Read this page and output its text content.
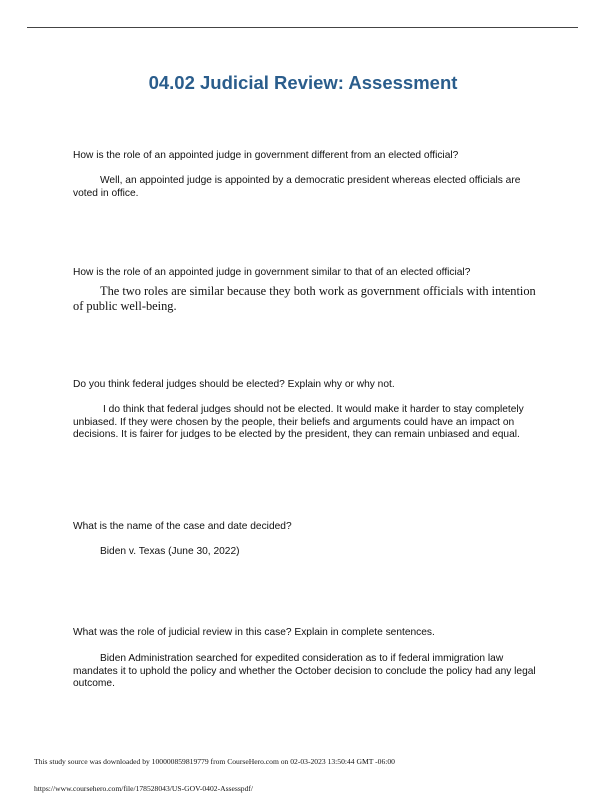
04.02 Judicial Review: Assessment
How is the role of an appointed judge in government different from an elected official?
Well, an appointed judge is appointed by a democratic president whereas elected officials are voted in office.
How is the role of an appointed judge in government similar to that of an elected official?
The two roles are similar because they both work as government officials with intention of public well-being.
Do you think federal judges should be elected? Explain why or why not.
I do think that federal judges should not be elected. It would make it harder to stay completely unbiased. If they were chosen by the people, their beliefs and arguments could have an impact on decisions. It is fairer for judges to be elected by the president, they can remain unbiased and equal.
What is the name of the case and date decided?
Biden v. Texas (June 30, 2022)
What was the role of judicial review in this case? Explain in complete sentences.
Biden Administration searched for expedited consideration as to if federal immigration law mandates it to uphold the policy and whether the October decision to conclude the policy had any legal outcome.
This study source was downloaded by 100000859819779 from CourseHero.com on 02-03-2023 13:50:44 GMT -06:00
https://www.coursehero.com/file/178528043/US-GOV-0402-Assesspdf/
